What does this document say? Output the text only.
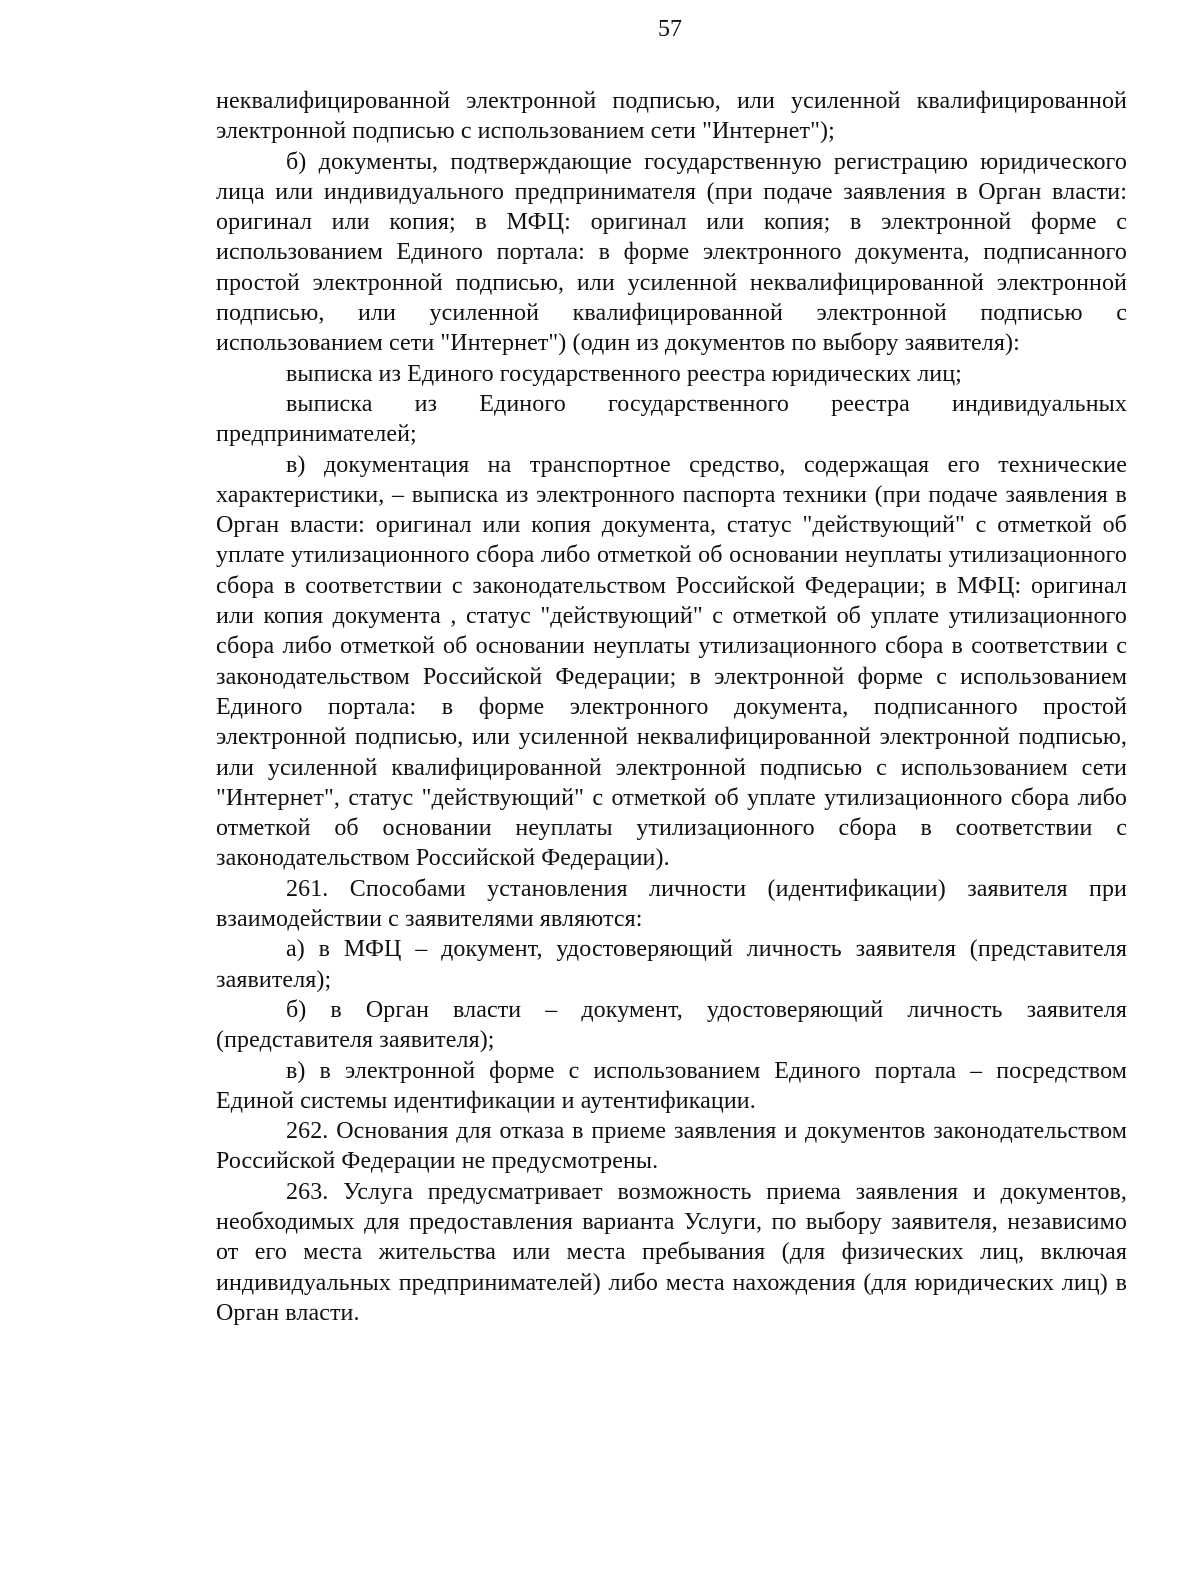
57

неквалифицированной электронной подписью, или усиленной квалифицированной электронной подписью с использованием сети "Интернет");

б) документы, подтверждающие государственную регистрацию юридического лица или индивидуального предпринимателя (при подаче заявления в Орган власти: оригинал или копия; в МФЦ: оригинал или копия; в электронной форме с использованием Единого портала: в форме электронного документа, подписанного простой электронной подписью, или усиленной неквалифицированной электронной подписью, или усиленной квалифицированной электронной подписью с использованием сети "Интернет") (один из документов по выбору заявителя):

выписка из Единого государственного реестра юридических лиц;

выписка из Единого государственного реестра индивидуальных предпринимателей;

в) документация на транспортное средство, содержащая его технические характеристики, – выписка из электронного паспорта техники (при подаче заявления в Орган власти: оригинал или копия документа, статус "действующий" с отметкой об уплате утилизационного сбора либо отметкой об основании неуплаты утилизационного сбора в соответствии с законодательством Российской Федерации; в МФЦ: оригинал или копия документа , статус "действующий" с отметкой об уплате утилизационного сбора либо отметкой об основании неуплаты утилизационного сбора в соответствии с законодательством Российской Федерации; в электронной форме с использованием Единого портала: в форме электронного документа, подписанного простой электронной подписью, или усиленной неквалифицированной электронной подписью, или усиленной квалифицированной электронной подписью с использованием сети "Интернет", статус "действующий" с отметкой об уплате утилизационного сбора либо отметкой об основании неуплаты утилизационного сбора в соответствии с законодательством Российской Федерации).

261. Способами установления личности (идентификации) заявителя при взаимодействии с заявителями являются:

а) в МФЦ – документ, удостоверяющий личность заявителя (представителя заявителя);

б) в Орган власти – документ, удостоверяющий личность заявителя (представителя заявителя);

в) в электронной форме с использованием Единого портала – посредством Единой системы идентификации и аутентификации.

262. Основания для отказа в приеме заявления и документов законодательством Российской Федерации не предусмотрены.

263. Услуга предусматривает возможность приема заявления и документов, необходимых для предоставления варианта Услуги, по выбору заявителя, независимо от его места жительства или места пребывания (для физических лиц, включая индивидуальных предпринимателей) либо места нахождения (для юридических лиц) в Орган власти.
